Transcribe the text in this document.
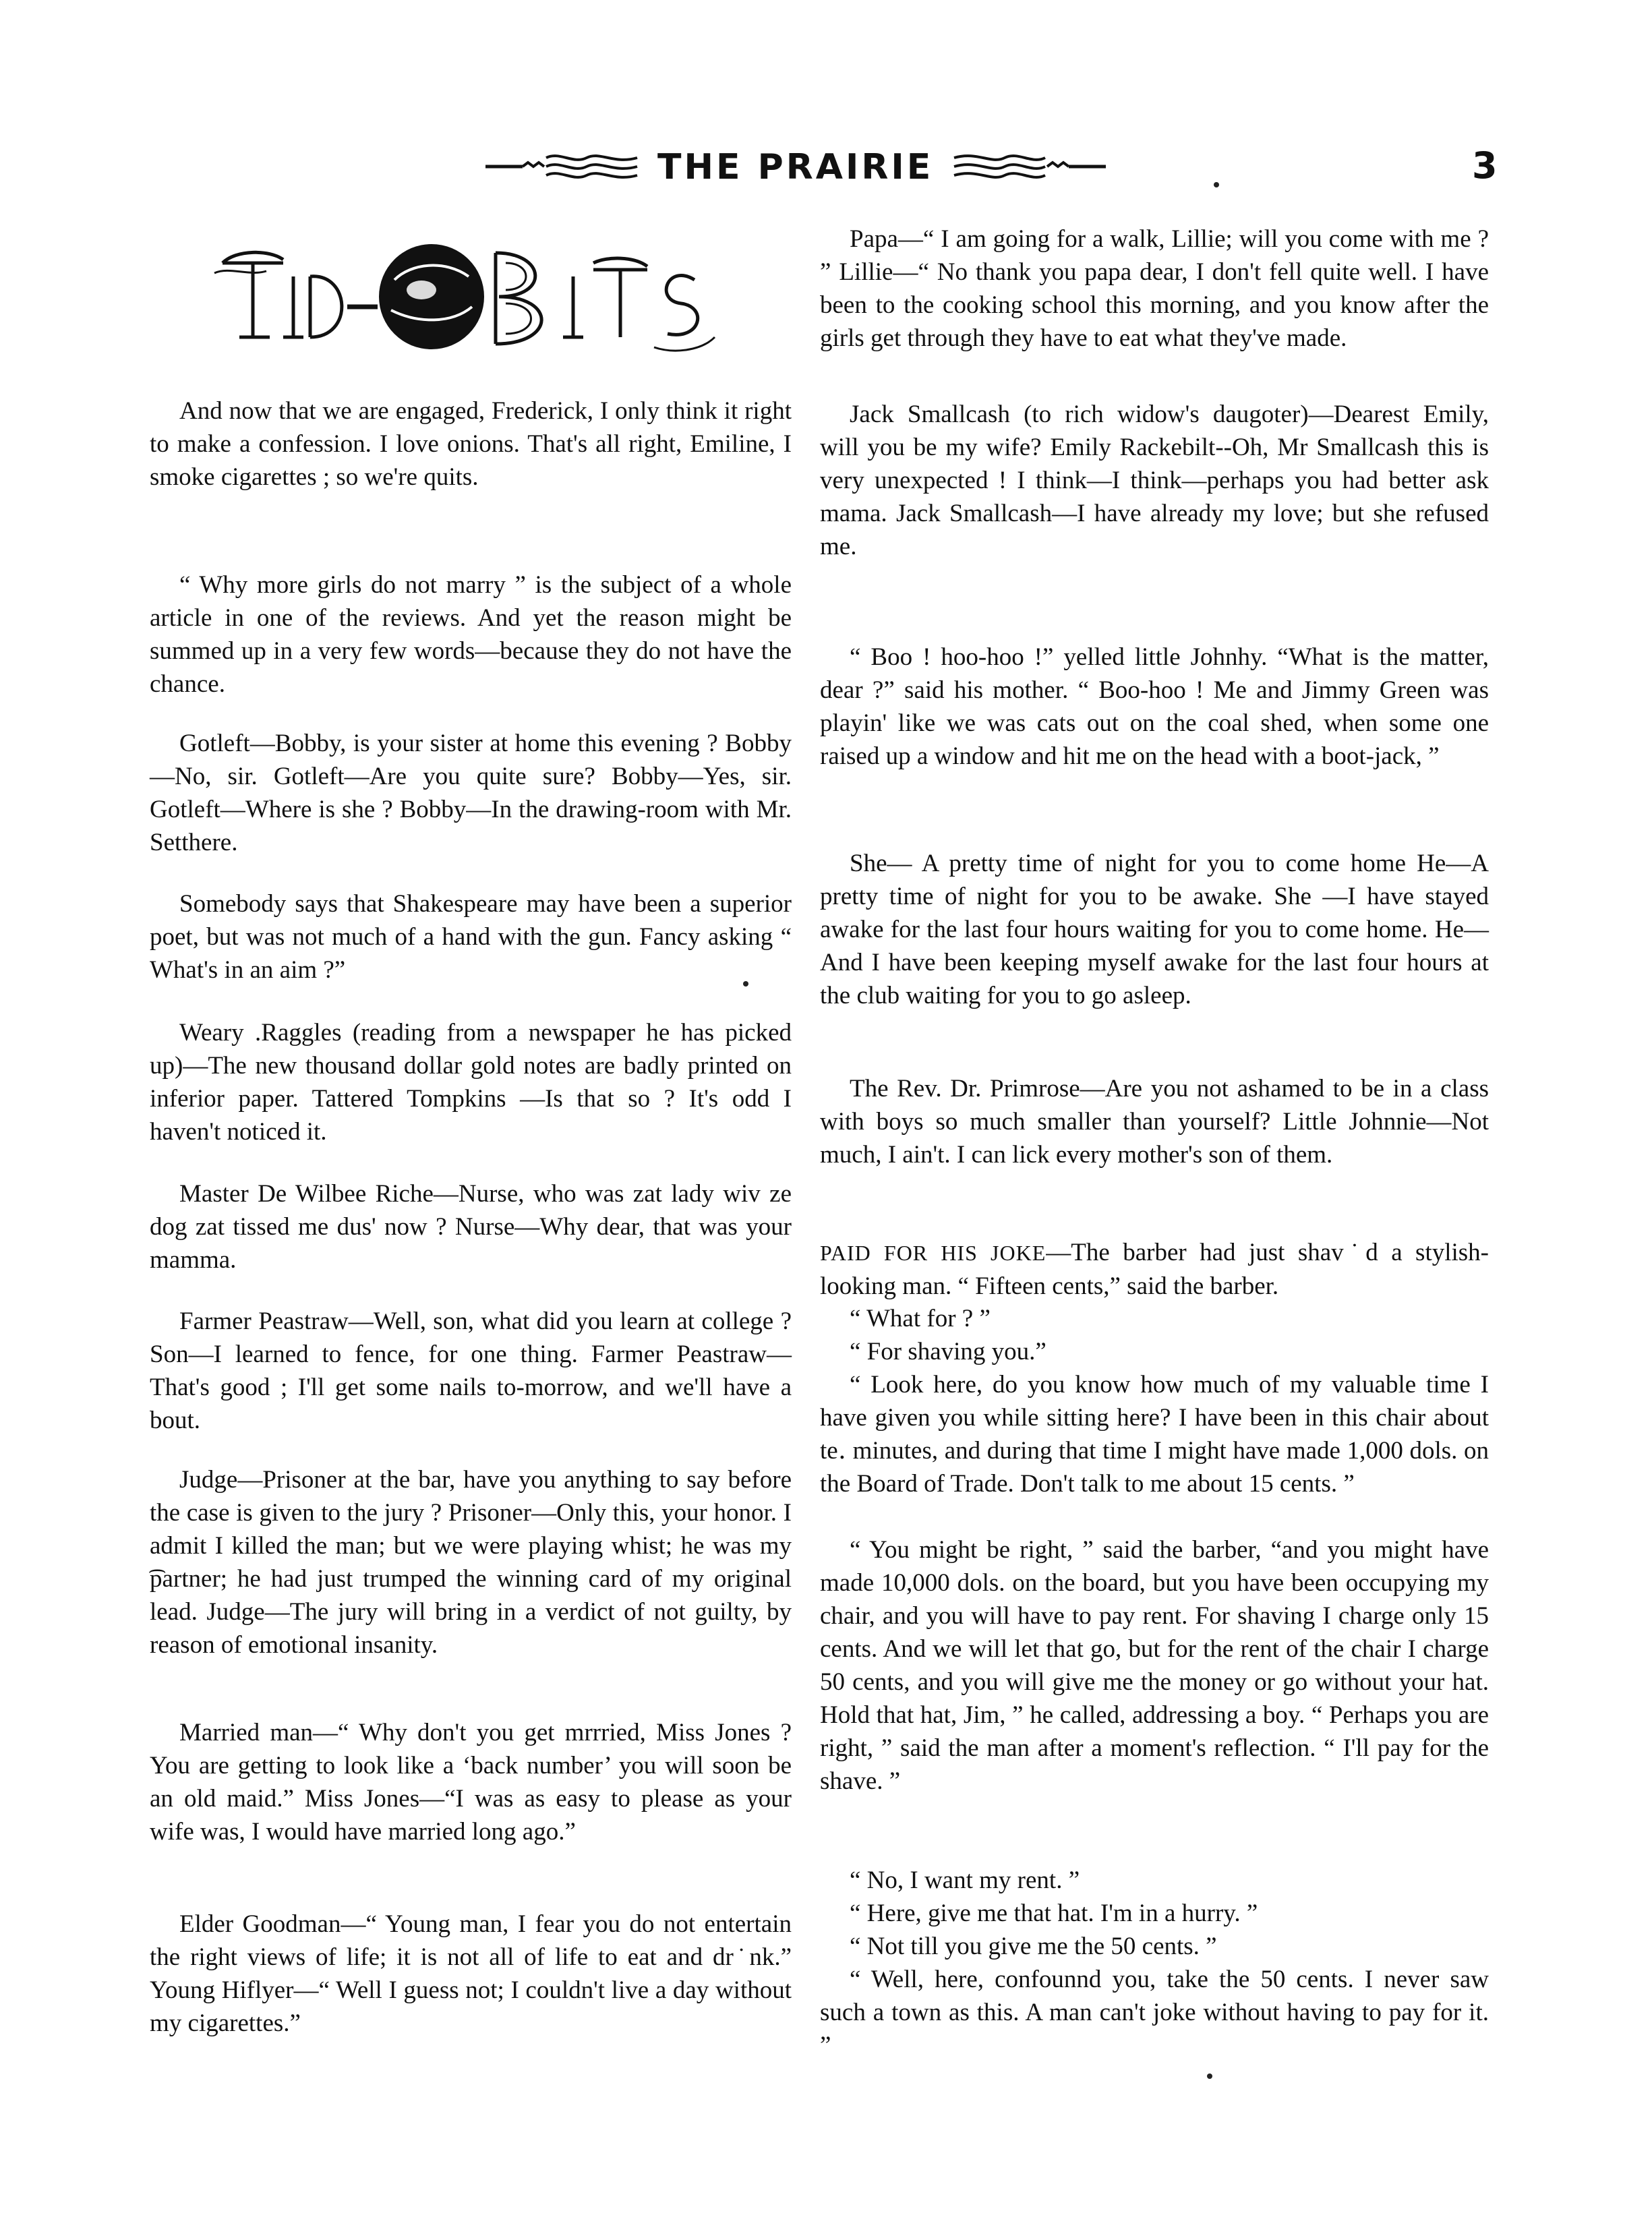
THE PRAIRIE	3

And now that we are engaged, Frederick, I only think it right to make a confession. I love onions. That's all right, Emiline, I smoke cigarettes ; so we're quits.

“ Why more girls do not marry ” is the subject of a whole article in one of the reviews. And yet the reason might be summed up in a very few words—because they do not have the chance.

Gotleft—Bobby, is your sister at home this evening ? Bobby—No, sir. Gotleft—Are you quite sure? Bobby—Yes, sir. Gotleft—Where is she ? Bobby—In the drawing-room with Mr. Setthere.

Somebody says that Shakespeare may have been a superior poet, but was not much of a hand with the gun. Fancy asking “ What's in an aim ?”

Weary .Raggles (reading from a newspaper he has picked up)—The new thousand dollar gold notes are badly printed on inferior paper. Tattered Tompkins —Is that so ? It's odd I haven't noticed it.

Master De Wilbee Riche—Nurse, who was zat lady wiv ze dog zat tissed me dus' now ? Nurse—Why dear, that was your mamma.

Farmer Peastraw—Well, son, what did you learn at college ? Son—I learned to fence, for one thing. Farmer Peastraw—That's good ; I'll get some nails to-morrow, and we'll have a bout.

Judge—Prisoner at the bar, have you anything to say before the case is given to the jury ? Prisoner—Only this, your honor. I admit I killed the man; but we were playing whist; he was my ͡partner; he had just trumped the winning card of my original lead. Judge—The jury will bring in a verdict of not guilty, by reason of emotional insanity.

Married man—“ Why don't you get mrrried, Miss Jones ? You are getting to look like a ‘back number’ you will soon be an old maid.” Miss Jones—“I was as easy to please as your wife was, I would have married long ago.”

Elder Goodman—“ Young man, I fear you do not entertain the right views of life; it is not all of life to eat and dr˙nk.” Young Hiflyer—“ Well I guess not; I couldn't live a day without my cigarettes.”

Papa—“ I am going for a walk, Lillie; will you come with me ? ” Lillie—“ No thank you papa dear, I don't fell quite well. I have been to the cooking school this morning, and you know after the girls get through they have to eat what they've made.

Jack Smallcash (to rich widow's daugoter)—Dearest Emily, will you be my wife? Emily Rackebilt--Oh, Mr Smallcash this is very unexpected ! I think—I think—perhaps you had better ask mama. Jack Smallcash—I have already my love; but she refused me.

“ Boo ! hoo-hoo !” yelled little Johnhy. “What is the matter, dear ?” said his mother. “ Boo-hoo ! Me and Jimmy Green was playin' like we was cats out on the coal shed, when some one raised up a window and hit me on the head with a boot-jack, ”

She— A pretty time of night for you to come home He—A pretty time of night for you to be awake. She —I have stayed awake for the last four hours waiting for you to come home. He—And I have been keeping myself awake for the last four hours at the club waiting for you to go asleep.

The Rev. Dr. Primrose—Are you not ashamed to be in a class with boys so much smaller than yourself? Little Johnnie—Not much, I ain't. I can lick every mother's son of them.

PAID FOR HIS JOKE—The barber had just shav˙d a stylish-looking man. “ Fifteen cents,” said the barber.

“ What for ? ”

“ For shaving you.”

“ Look here, do you know how much of my valuable time I have given you while sitting here? I have been in this chair about te․ minutes, and during that time I might have made 1,000 dols. on the Board of Trade. Don't talk to me about 15 cents. ”

“ You might be right, ” said the barber, “and you might have made 10,000 dols. on the board, but you have been occupying my chair, and you will have to pay rent. For shaving I charge only 15 cents. And we will let that go, but for the rent of the chair I charge 50 cents, and you will give me the money or go without your hat. Hold that hat, Jim, ” he called, addressing a boy. “ Perhaps you are right, ” said the man after a moment's reflection. “ I'll pay for the shave. ”

“ No, I want my rent. ”

“ Here, give me that hat. I'm in a hurry. ”

“ Not till you give me the 50 cents. ”

“ Well, here, confounnd you, take the 50 cents. I never saw such a town as this. A man can't joke without having to pay for it. ”
